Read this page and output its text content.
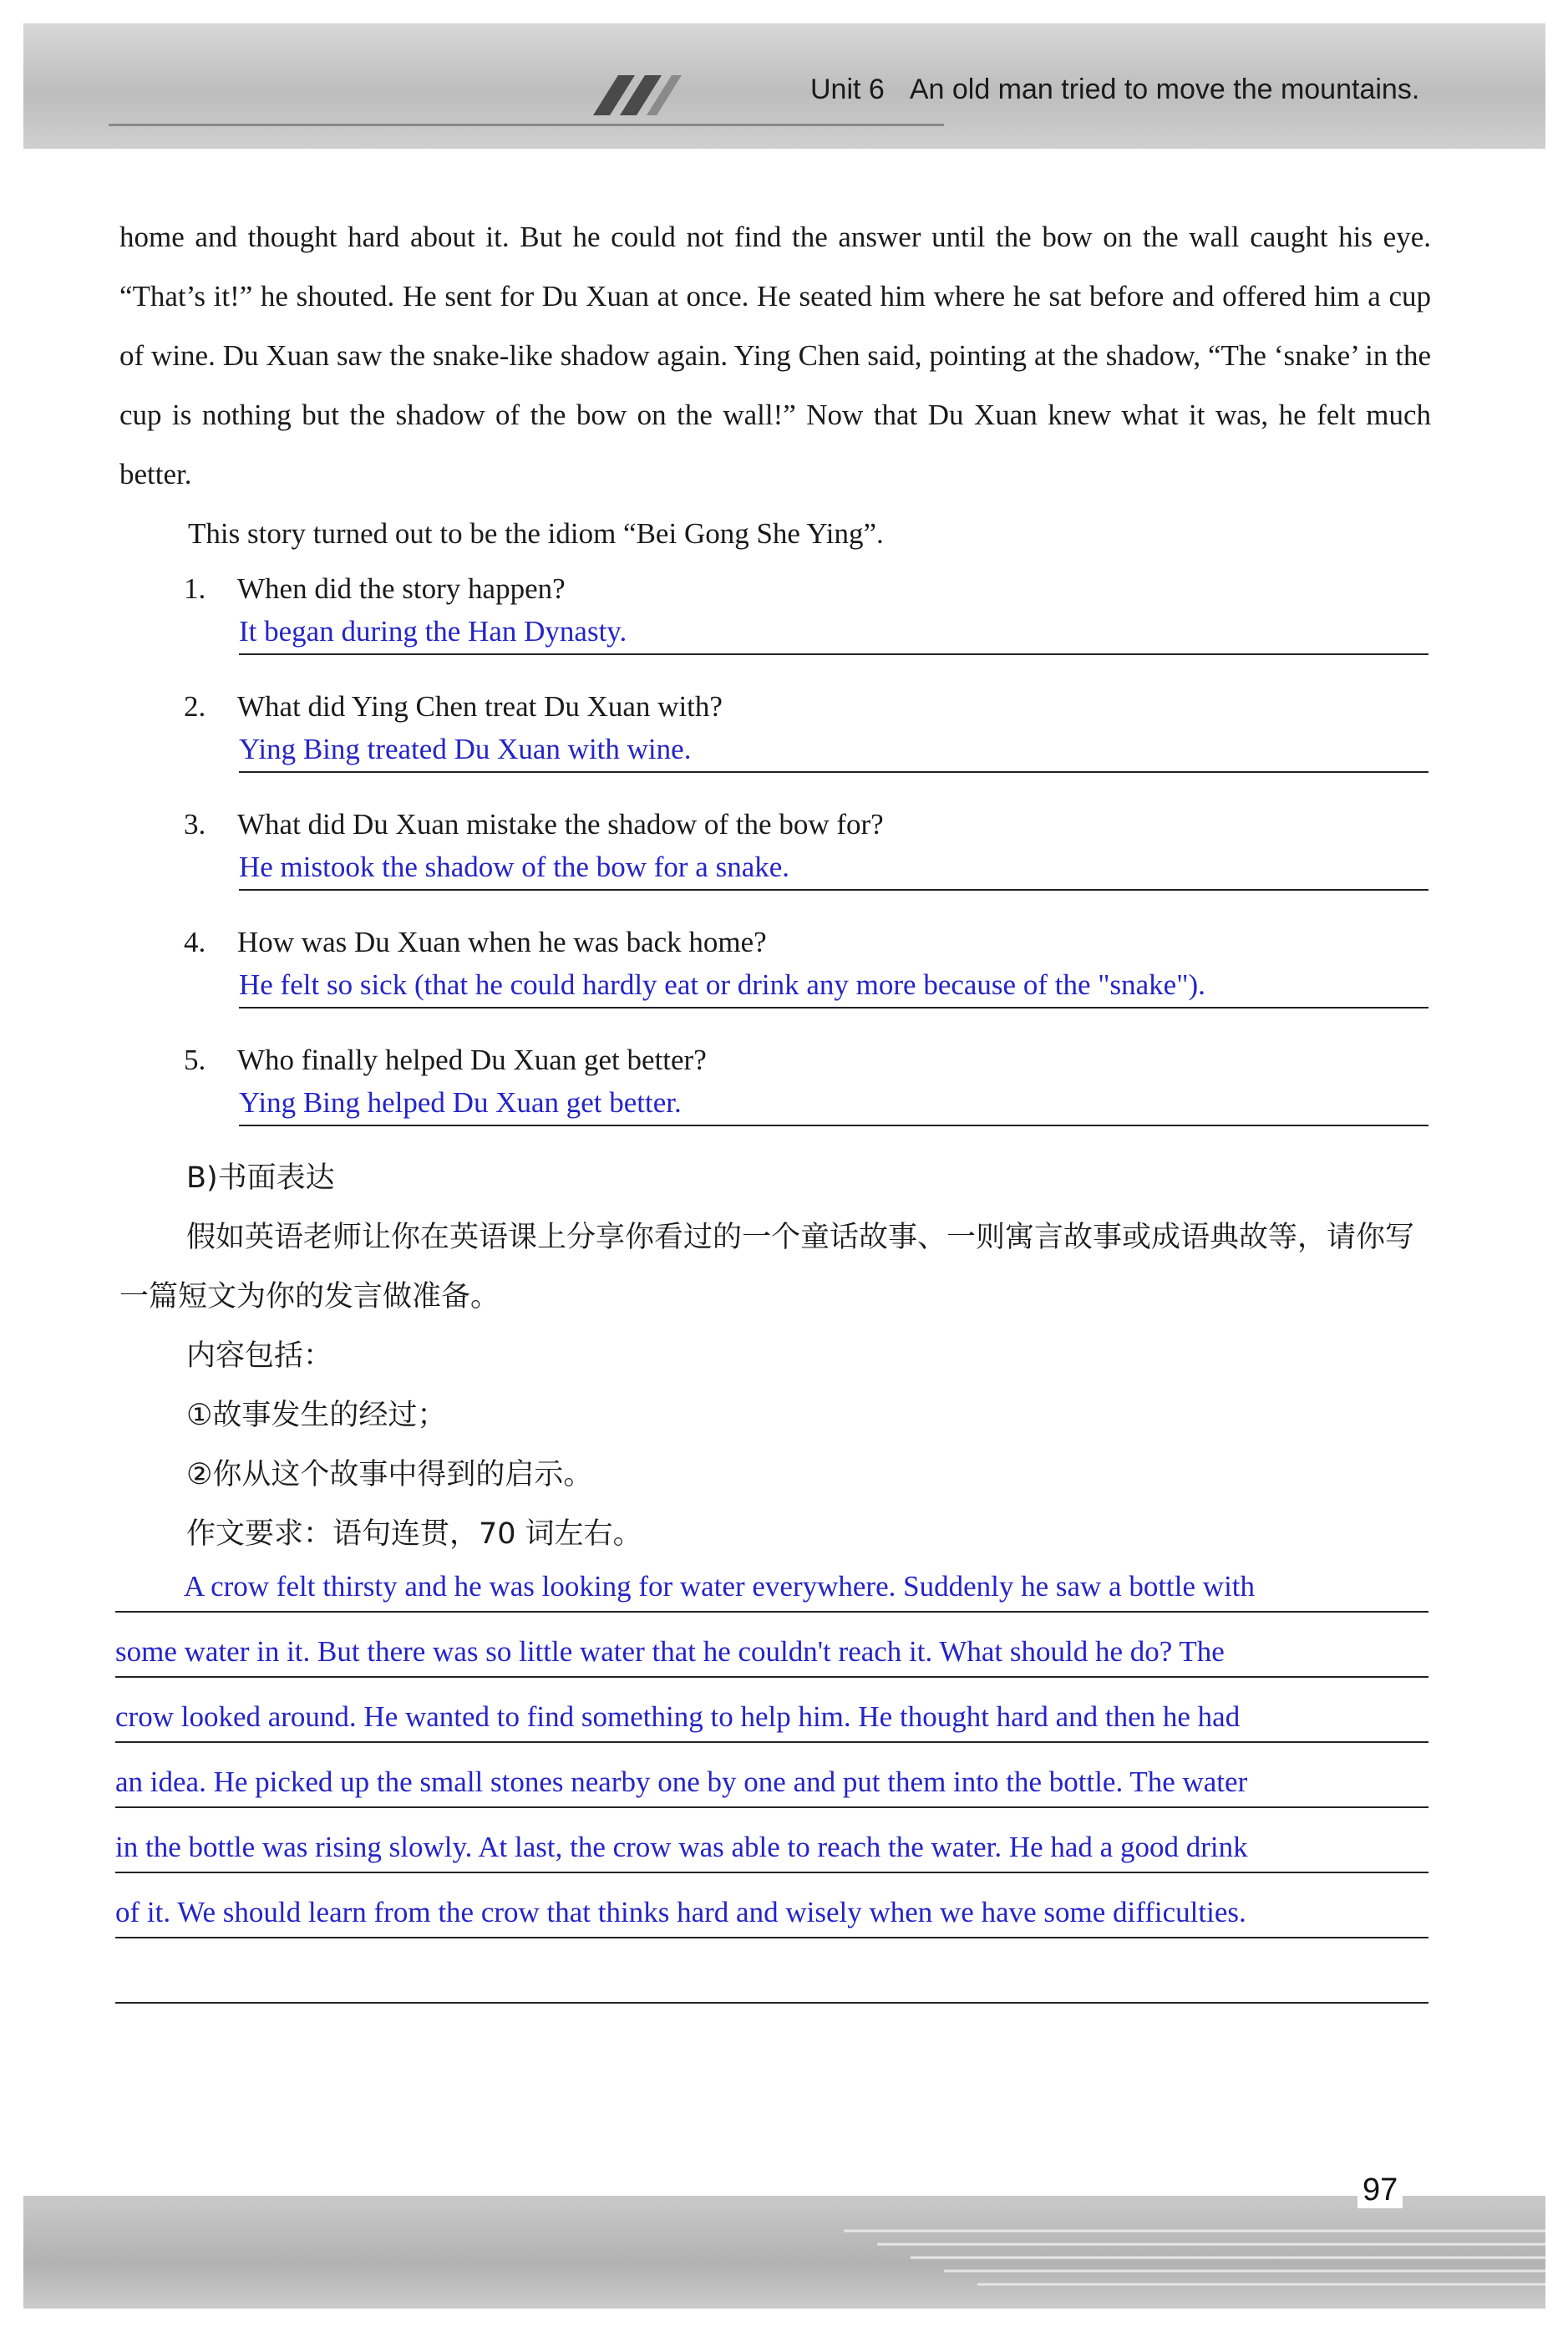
Unit 6 An old man tried to move the mountains.

home and thought hard about it. But he could not find the answer until the bow on the wall caught his eye. “That’s it!” he shouted. He sent for Du Xuan at once. He seated him where he sat before and offered him a cup of wine. Du Xuan saw the snake-like shadow again. Ying Chen said, pointing at the shadow, “The ‘snake’ in the cup is nothing but the shadow of the bow on the wall!” Now that Du Xuan knew what it was, he felt much better.

This story turned out to be the idiom “Bei Gong She Ying”.

1. When did the story happen?
It began during the Han Dynasty.
2. What did Ying Chen treat Du Xuan with?
Ying Bing treated Du Xuan with wine.
3. What did Du Xuan mistake the shadow of the bow for?
He mistook the shadow of the bow for a snake.
4. How was Du Xuan when he was back home?
He felt so sick (that he could hardly eat or drink any more because of the "snake").
5. Who finally helped Du Xuan get better?
Ying Bing helped Du Xuan get better.

B)书面表达

假如英语老师让你在英语课上分享你看过的一个童话故事、一则寓言故事或成语典故等，请你写一篇短文为你的发言做准备。

内容包括：

①故事发生的经过；

②你从这个故事中得到的启示。

作文要求：语句连贯，70 词左右。

A crow felt thirsty and he was looking for water everywhere. Suddenly he saw a bottle with
some water in it. But there was so little water that he couldn't reach it. What should he do? The
crow looked around. He wanted to find something to help him. He thought hard and then he had
an idea. He picked up the small stones nearby one by one and put them into the bottle. The water
in the bottle was rising slowly. At last, the crow was able to reach the water. He had a good drink
of it. We should learn from the crow that thinks hard and wisely when we have some difficulties.
97
